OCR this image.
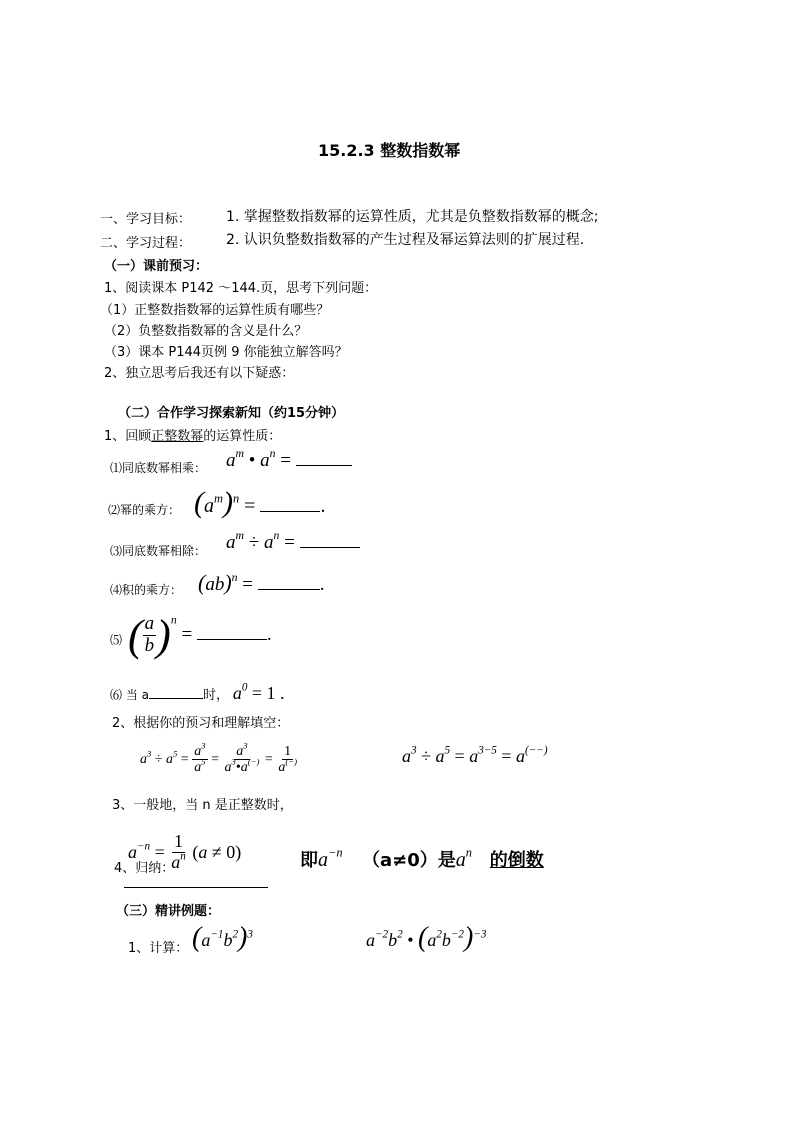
15.2.3 整数指数幂
一、学习目标： 1. 掌握整数指数幂的运算性质，尤其是负整数指数幂的概念;
二、学习过程： 2. 认识负整数指数幂的产生过程及幂运算法则的扩展过程.
（一）课前预习：
1、阅读课本 P142 ～144.页，思考下列问题：
（1）正整数指数幂的运算性质有哪些？
（2）负整数指数幂的含义是什么？
（3）课本 P144页例 9 你能独立解答吗？
2、独立思考后我还有以下疑惑：
（二）合作学习探索新知（约15分钟）
1、回顾正整数幂的运算性质：
⑴同底数幂相乘： $a^m$ • $a^n$ =
⑵幂的乘方： $(a^m)^n$ =	.
⑶同底数幂相除： $a^m \div a^n$ =
⑷积的乘方： (ab)$^n$ =	.
⑸ ( $\frac{a}{b} )^n$ =	.
⑹ 当 a	时， $a^0 = 1$ .
2、根据你的预习和理解填空：
$a^3 \div a^5 = \frac{a^3}{a^5} = \frac{a^3}{a^3•a^{(-)}} = \frac{1}{a^{(-)}}$	$a^3 \div a^5 = a^{3-5} = a^{(--)}$
3、一般地，当 n 是正整数时，
4、归纳：
$a^{-n} = \frac{1}{a^n} (a \ne 0)$	即$a^{-n}$ （a≠0）是$a^n$ 的倒数
（三）精讲例题：
1、计算： $(a^{-1}b^2)^3$	$a^{-2}b^2$ • $(a^2b^{-2})^{-3}$
